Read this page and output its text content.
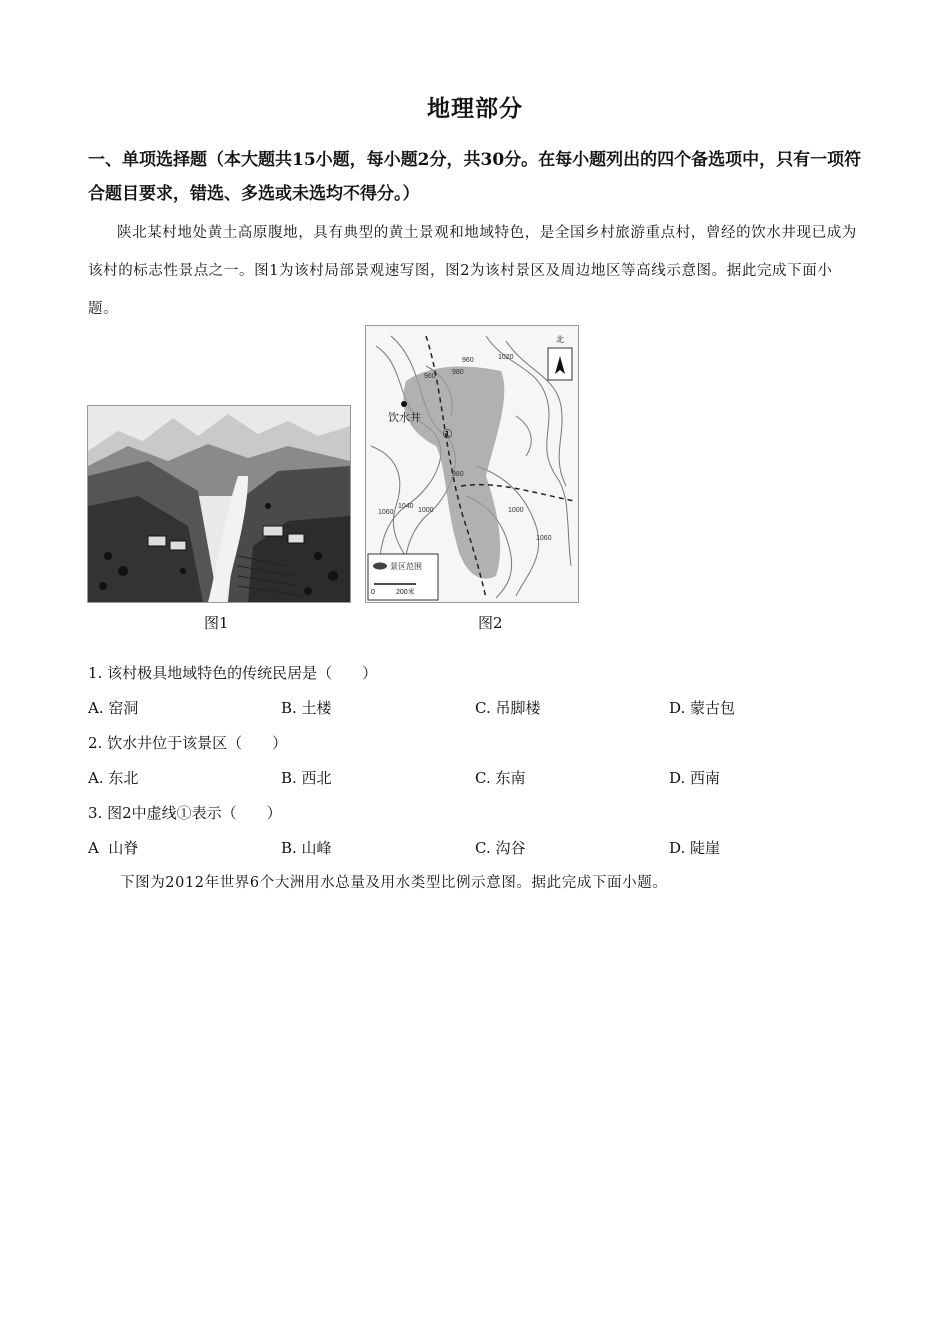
地理部分
一、单项选择题（本大题共15小题，每小题2分，共30分。在每小题列出的四个备选项中，只有一项符合题目要求，错选、多选或未选均不得分。）
陕北某村地处黄土高原腹地，具有典型的黄土景观和地域特色，是全国乡村旅游重点村，曾经的饮水井现已成为该村的标志性景点之一。图1为该村局部景观速写图，图2为该村景区及周边地区等高线示意图。据此完成下面小题。
饮水井
①
1020
960
980
960
1060
1040
1000
980
1000
1060
北
景区范围
0	200米
图1	图2
1. 该村极具地域特色的传统民居是（　　）
A. 窑洞	B. 土楼	C. 吊脚楼	D. 蒙古包
2. 饮水井位于该景区（　　）
A. 东北	B. 西北	C. 东南	D. 西南
3. 图2中虚线①表示（　　）
A  山脊	B. 山峰	C. 沟谷	D. 陡崖
下图为2012年世界6个大洲用水总量及用水类型比例示意图。据此完成下面小题。
